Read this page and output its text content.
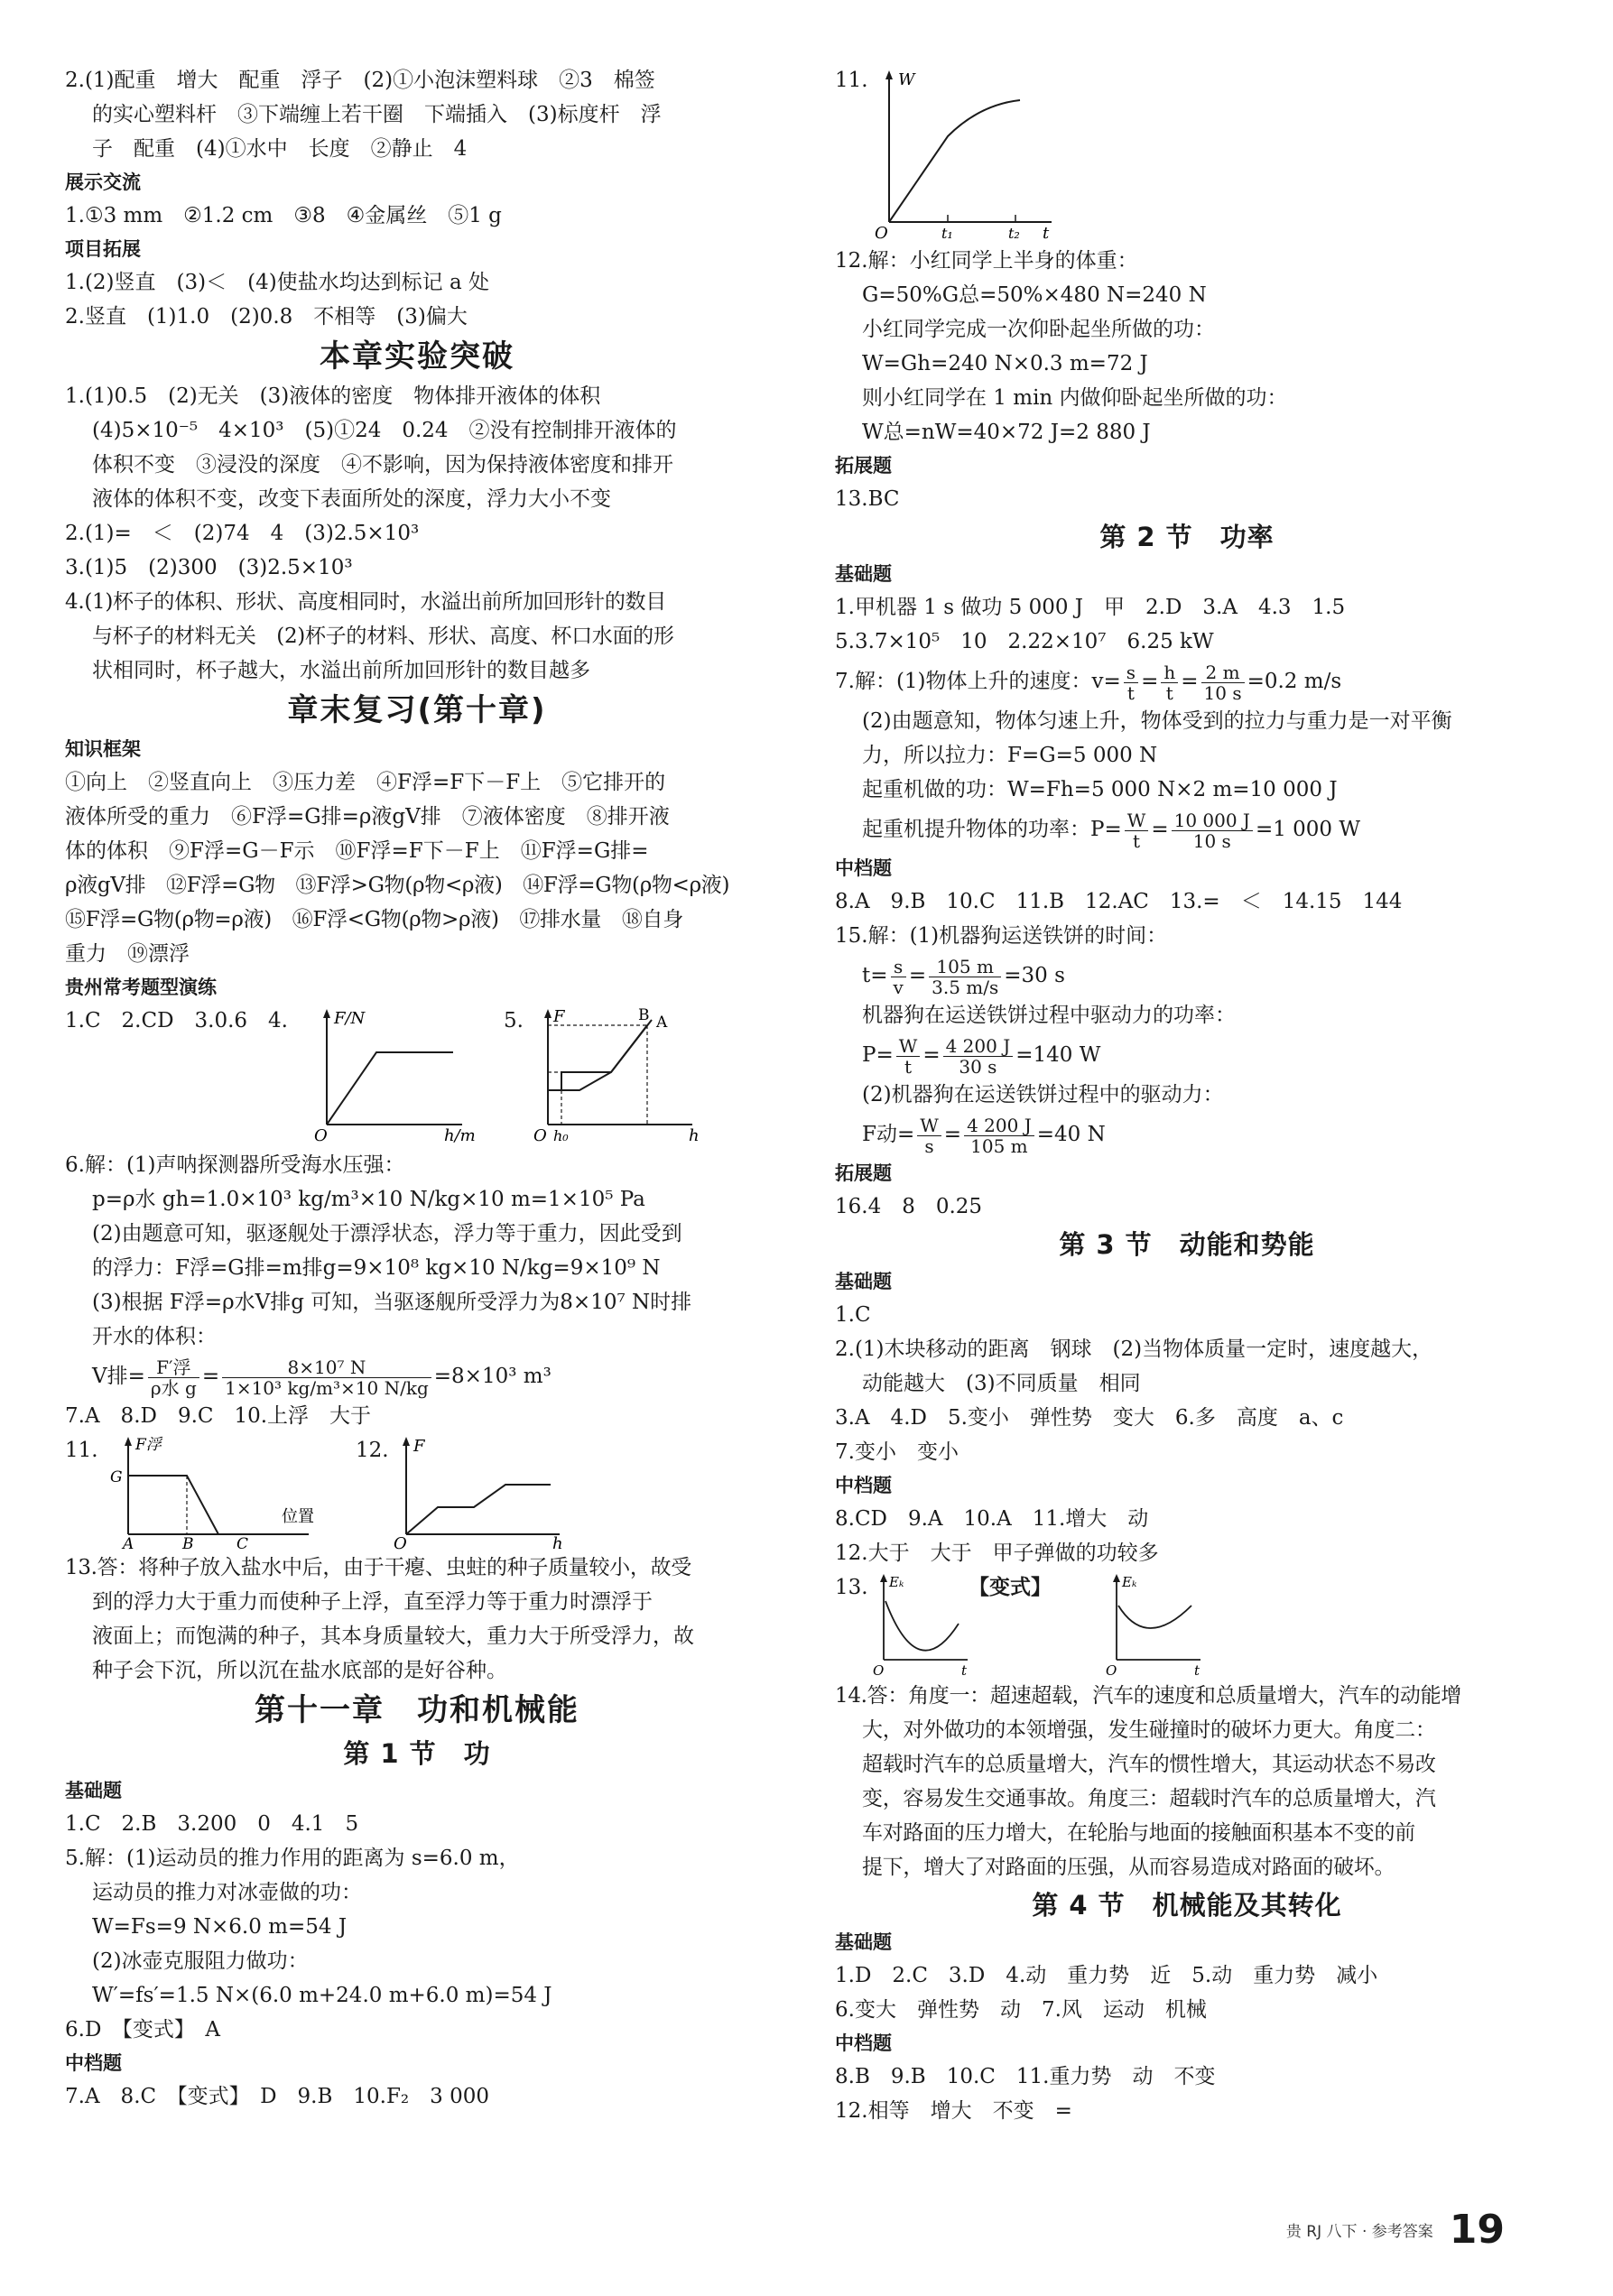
2.(1)配重　增大　配重　浮子　(2)①小泡沫塑料球　②3　棉签
的实心塑料杆　③下端缠上若干圈　下端插入　(3)标度杆　浮
子　配重　(4)①水中　长度　②静止　4
展示交流
1.①3 mm　②1.2 cm　③8　④金属丝　⑤1 g
项目拓展
1.(2)竖直　(3)＜　(4)使盐水均达到标记 a 处
2.竖直　(1)1.0　(2)0.8　不相等　(3)偏大
本章实验突破
1.(1)0.5　(2)无关　(3)液体的密度　物体排开液体的体积
(4)5×10⁻⁵　4×10³　(5)①24　0.24　②没有控制排开液体的
体积不变　③浸没的深度　④不影响，因为保持液体密度和排开
液体的体积不变，改变下表面所处的深度，浮力大小不变
2.(1)=　＜　(2)74　4　(3)2.5×10³
3.(1)5　(2)300　(3)2.5×10³
4.(1)杯子的体积、形状、高度相同时，水溢出前所加回形针的数目
与杯子的材料无关　(2)杯子的材料、形状、高度、杯口水面的形
状相同时，杯子越大，水溢出前所加回形针的数目越多
章末复习(第十章)
知识框架
①向上　②竖直向上　③压力差　④F浮=F下－F上　⑤它排开的
液体所受的重力　⑥F浮=G排=ρ液gV排　⑦液体密度　⑧排开液
体的体积　⑨F浮=G－F示　⑩F浮=F下－F上　⑪F浮=G排=
ρ液gV排　⑫F浮=G物　⑬F浮>G物(ρ物<ρ液)　⑭F浮=G物(ρ物<ρ液)
⑮F浮=G物(ρ物=ρ液)　⑯F浮<G物(ρ物>ρ液)　⑰排水量　⑱自身
重力　⑲漂浮
贵州常考题型演练
1.C　2.CD　3.0.6　4.	F/N
O	h/m
5. F
O h₀	h
B A
6.解：(1)声呐探测器所受海水压强：
p=ρ水 gh=1.0×10³ kg/m³×10 N/kg×10 m=1×10⁵ Pa
(2)由题意可知，驱逐舰处于漂浮状态，浮力等于重力，因此受到
的浮力：F浮=G排=m排g=9×10⁸ kg×10 N/kg=9×10⁹ N
(3)根据 F浮=ρ水V排g 可知，当驱逐舰所受浮力为8×10⁷ N时排
开水的体积：
V排= $\frac{\text{F′浮}}{\text{ρ水 g}} = \frac{\text{8×10⁷ N}}{\text{1×10³ kg/m³×10 N/kg}} =8\times 10^3$ m³
7.A　8.D　9.C　10.上浮　大于
11. F浮
G
A	B	C
位置
12. F
O	h
13.答：将种子放入盐水中后，由于干瘪、虫蛀的种子质量较小，故受
到的浮力大于重力而使种子上浮，直至浮力等于重力时漂浮于
液面上；而饱满的种子，其本身质量较大，重力大于所受浮力，故
种子会下沉，所以沉在盐水底部的是好谷种。
第十一章　功和机械能
第 1 节　功
基础题
1.C　2.B　3.200　0　4.1　5
5.解：(1)运动员的推力作用的距离为 s=6.0 m，
运动员的推力对冰壶做的功：
W=Fs=9 N×6.0 m=54 J
(2)冰壶克服阻力做功：
W′=fs′=1.5 N×(6.0 m+24.0 m+6.0 m)=54 J
6.D　【变式】　A
中档题
7.A　8.C　【变式】　D　9.B　10.F₂　3 000
11. W
O	t₁	t₂ t
12.解：小红同学上半身的体重：
G=50%G总=50%×480 N=240 N
小红同学完成一次仰卧起坐所做的功：
W=Gh=240 N×0.3 m=72 J
则小红同学在 1 min 内做仰卧起坐所做的功：
W总=nW=40×72 J=2 880 J
拓展题
13.BC
第 2 节　功率
基础题
1.甲机器 1 s 做功 5 000 J　甲　2.D　3.A　4.3　1.5
5.3.7×10⁵　10　2.22×10⁷　6.25 kW
7.解：(1)物体上升的速度：$v= \frac{s}{t} = \frac{h}{t} = \frac{2 m}{10 s} =0.2$ m/s
(2)由题意知，物体匀速上升，物体受到的拉力与重力是一对平衡
力，所以拉力：F=G=5 000 N
起重机做的功：W=Fh=5 000 N×2 m=10 000 J
起重机提升物体的功率：$P= \frac{W}{t} = \frac{10 000 J}{10 s} =1$ 000 W
中档题
8.A　9.B　10.C　11.B　12.AC　13.=　＜　14.15　144
15.解：(1)机器狗运送铁饼的时间：
$t= \frac{s}{v} = \frac{105 m}{3.5 m/s} =30$ s
机器狗在运送铁饼过程中驱动力的功率：
$P= \frac{W}{t} = \frac{4 200 J}{30 s} =140$ W
(2)机器狗在运送铁饼过程中的驱动力：
F动= $\frac{W}{s} = \frac{4 200 J}{105 m} =40$ N
拓展题
16.4　8　0.25
第 3 节　动能和势能
基础题
1.C
2.(1)木块移动的距离　钢球　(2)当物体质量一定时，速度越大，
动能越大　(3)不同质量　相同
3.A　4.D　5.变小　弹性势　变大　6.多　高度　a、c
7.变小　变小
中档题
8.CD　9.A　10.A　11.增大　动
12.大于　大于　甲子弹做的功较多
13. Eₖ
O	t
【变式】	Eₖ
O	t
14.答：角度一：超速超载，汽车的速度和总质量增大，汽车的动能增
大，对外做功的本领增强，发生碰撞时的破坏力更大。角度二：
超载时汽车的总质量增大，汽车的惯性增大，其运动状态不易改
变，容易发生交通事故。角度三：超载时汽车的总质量增大，汽
车对路面的压力增大，在轮胎与地面的接触面积基本不变的前
提下，增大了对路面的压强，从而容易造成对路面的破坏。
第 4 节　机械能及其转化
基础题
1.D　2.C　3.D　4.动　重力势　近　5.动　重力势　减小
6.变大　弹性势　动　7.风　运动　机械
中档题
8.B　9.B　10.C　11.重力势　动　不变
12.相等　增大　不变　=
贵 RJ 八下 · 参考答案 19
